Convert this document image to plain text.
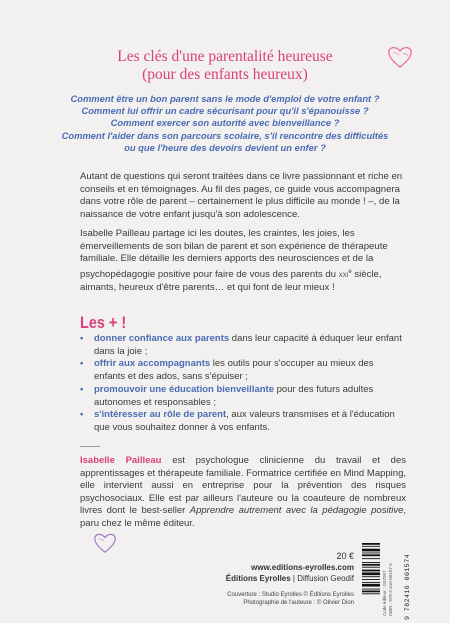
Les clés d'une parentalité heureuse
(pour des enfants heureux)
Comment être un bon parent sans le mode d'emploi de votre enfant ?
Comment lui offrir un cadre sécurisant pour qu'il s'épanouisse ?
Comment exercer son autorité avec bienveillance ?
Comment l'aider dans son parcours scolaire, s'il rencontre des difficultés
ou que l'heure des devoirs devient un enfer ?

Autant de questions qui seront traitées dans ce livre passionnant et riche en conseils et en témoignages. Au fil des pages, ce guide vous accompagnera dans votre rôle de parent – certainement le plus difficile au monde ! –, de la naissance de votre enfant jusqu'à son adolescence.

Isabelle Pailleau partage ici les doutes, les craintes, les joies, les émerveillements de son bilan de parent et son expérience de thérapeute familiale. Elle détaille les derniers apports des neurosciences et de la psychopédagogie positive pour faire de vous des parents du xxi$^e$ siècle, aimants, heureux d'être parents… et qui font de leur mieux !

Les + !
• donner confiance aux parents dans leur capacité à éduquer leur enfant dans la joie ;
• offrir aux accompagnants les outils pour s'occuper au mieux des enfants et des ados, sans s'épuiser ;
• promouvoir une éducation bienveillante pour des futurs adultes autonomes et responsables ;
• s'intéresser au rôle de parent, aux valeurs transmises et à l'éducation que vous souhaitez donner à vos enfants.

Isabelle Pailleau est psychologue clinicienne du travail et des apprentissages et thérapeute familiale. Formatrice certifiée en Mind Mapping, elle intervient aussi en entreprise pour la prévention des risques psychosociaux. Elle est par ailleurs l'auteure ou la coauteure de nombreux livres dont le best-seller Apprendre autrement avec la pédagogie positive, paru chez le même éditeur.

20 €
www.editions-eyrolles.com
Éditions Eyrolles | Diffusion Geodif
Couverture : Studio Eyrolles © Éditions Eyrolles
Photographie de l'auteure : © Olivier Dion	Code éditeur : G57057 ISBN : 978-2-416-00157-4 9 782416 001574
